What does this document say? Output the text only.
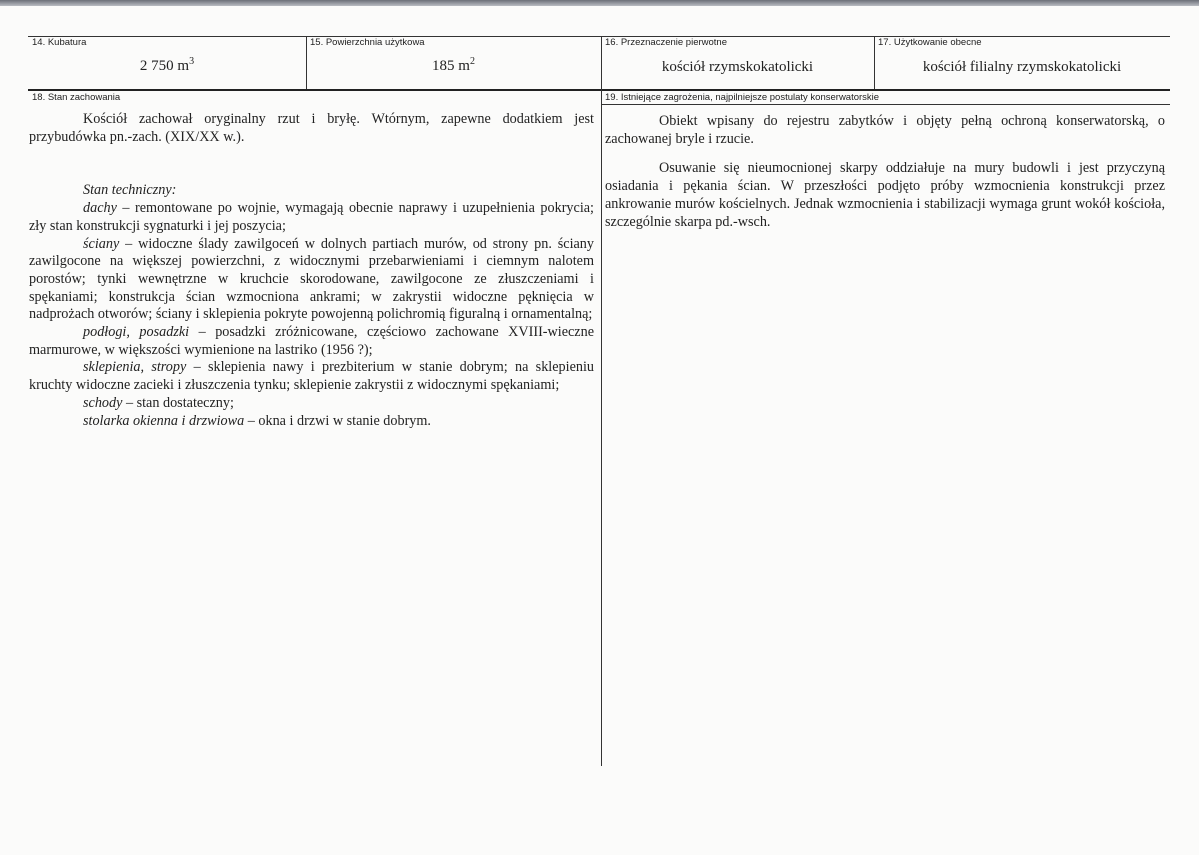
14. Kubatura
2 750 $m^3$
15. Powierzchnia użytkowa
185 $m^2$
16. Przeznaczenie pierwotne
kościół rzymskokatolicki
17. Użytkowanie obecne
kościół filialny rzymskokatolicki
18. Stan zachowania

Kościół zachował oryginalny rzut i bryłę. Wtórnym, zapewne dodatkiem jest przybudówka pn.-zach. (XIX/XX w.).

Stan techniczny:

dachy – remontowane po wojnie, wymagają obecnie naprawy i uzupełnienia pokrycia; zły stan konstrukcji sygnaturki i jej poszycia;

ściany – widoczne ślady zawilgoceń w dolnych partiach murów, od strony pn. ściany zawilgocone na większej powierzchni, z widocznymi przebarwieniami i ciemnym nalotem porostów; tynki wewnętrzne w kruchcie skorodowane, zawilgocone ze złuszczeniami i spękaniami; konstrukcja ścian wzmocniona ankrami; w zakrystii widoczne pęknięcia w nadprożach otworów; ściany i sklepienia pokryte powojenną polichromią figuralną i ornamentalną;

podłogi, posadzki – posadzki zróżnicowane, częściowo zachowane XVIII-wieczne marmurowe, w większości wymienione na lastriko (1956 ?);

sklepienia, stropy – sklepienia nawy i prezbiterium w stanie dobrym; na sklepieniu kruchty widoczne zacieki i złuszczenia tynku; sklepienie zakrystii z widocznymi spękaniami;

schody – stan dostateczny;

stolarka okienna i drzwiowa – okna i drzwi w stanie dobrym.

19. Istniejące zagrożenia, najpilniejsze postulaty konserwatorskie

Obiekt wpisany do rejestru zabytków i objęty pełną ochroną konserwatorską, o zachowanej bryle i rzucie.

Osuwanie się nieumocnionej skarpy oddziałuje na mury budowli i jest przyczyną osiadania i pękania ścian. W przeszłości podjęto próby wzmocnienia konstrukcji przez ankrowanie murów kościelnych. Jednak wzmocnienia i stabilizacji wymaga grunt wokół kościoła, szczególnie skarpa pd.-wsch.
